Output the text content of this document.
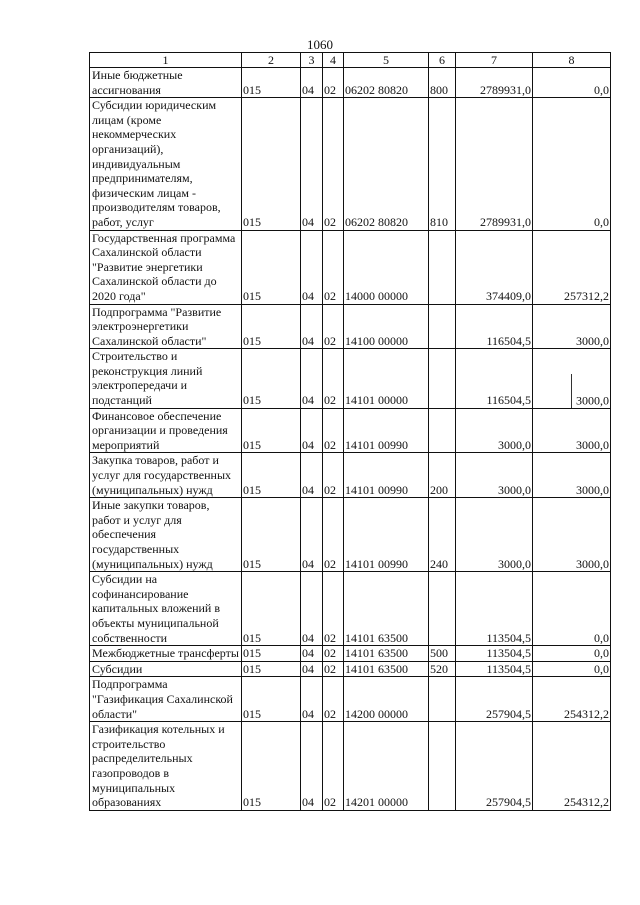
1060
1	2	3	4	5	6	7	8
Иные бюджетные ассигнования	015	04	02	06202 80820	800	2789931,0	0,0
Субсидии юридическим лицам (кроме некоммерческих организаций), индивидуальным предпринимателям, физическим лицам - производителям товаров, работ, услуг	015	04	02	06202 80820	810	2789931,0	0,0
Государственная программа Сахалинской области "Развитие энергетики Сахалинской области до 2020 года"	015	04	02	14000 00000		374409,0	257312,2
Подпрограмма "Развитие электроэнергетики Сахалинской области"	015	04	02	14100 00000		116504,5	3000,0
Строительство и реконструкция линий электропередачи и подстанций	015	04	02	14101 00000		116504,5	3000,0
Финансовое обеспечение организации и проведения мероприятий	015	04	02	14101 00990		3000,0	3000,0
Закупка товаров, работ и услуг для государственных (муниципальных) нужд	015	04	02	14101 00990	200	3000,0	3000,0
Иные закупки товаров, работ и услуг для обеспечения государственных (муниципальных) нужд	015	04	02	14101 00990	240	3000,0	3000,0
Субсидии на софинансирование капитальных вложений в объекты муниципальной собственности	015	04	02	14101 63500		113504,5	0,0
Межбюджетные трансферты	015	04	02	14101 63500	500	113504,5	0,0
Субсидии	015	04	02	14101 63500	520	113504,5	0,0
Подпрограмма "Газификация Сахалинской области"	015	04	02	14200 00000		257904,5	254312,2
Газификация котельных и строительство распределительных газопроводов в муниципальных образованиях	015	04	02	14201 00000		257904,5	254312,2
